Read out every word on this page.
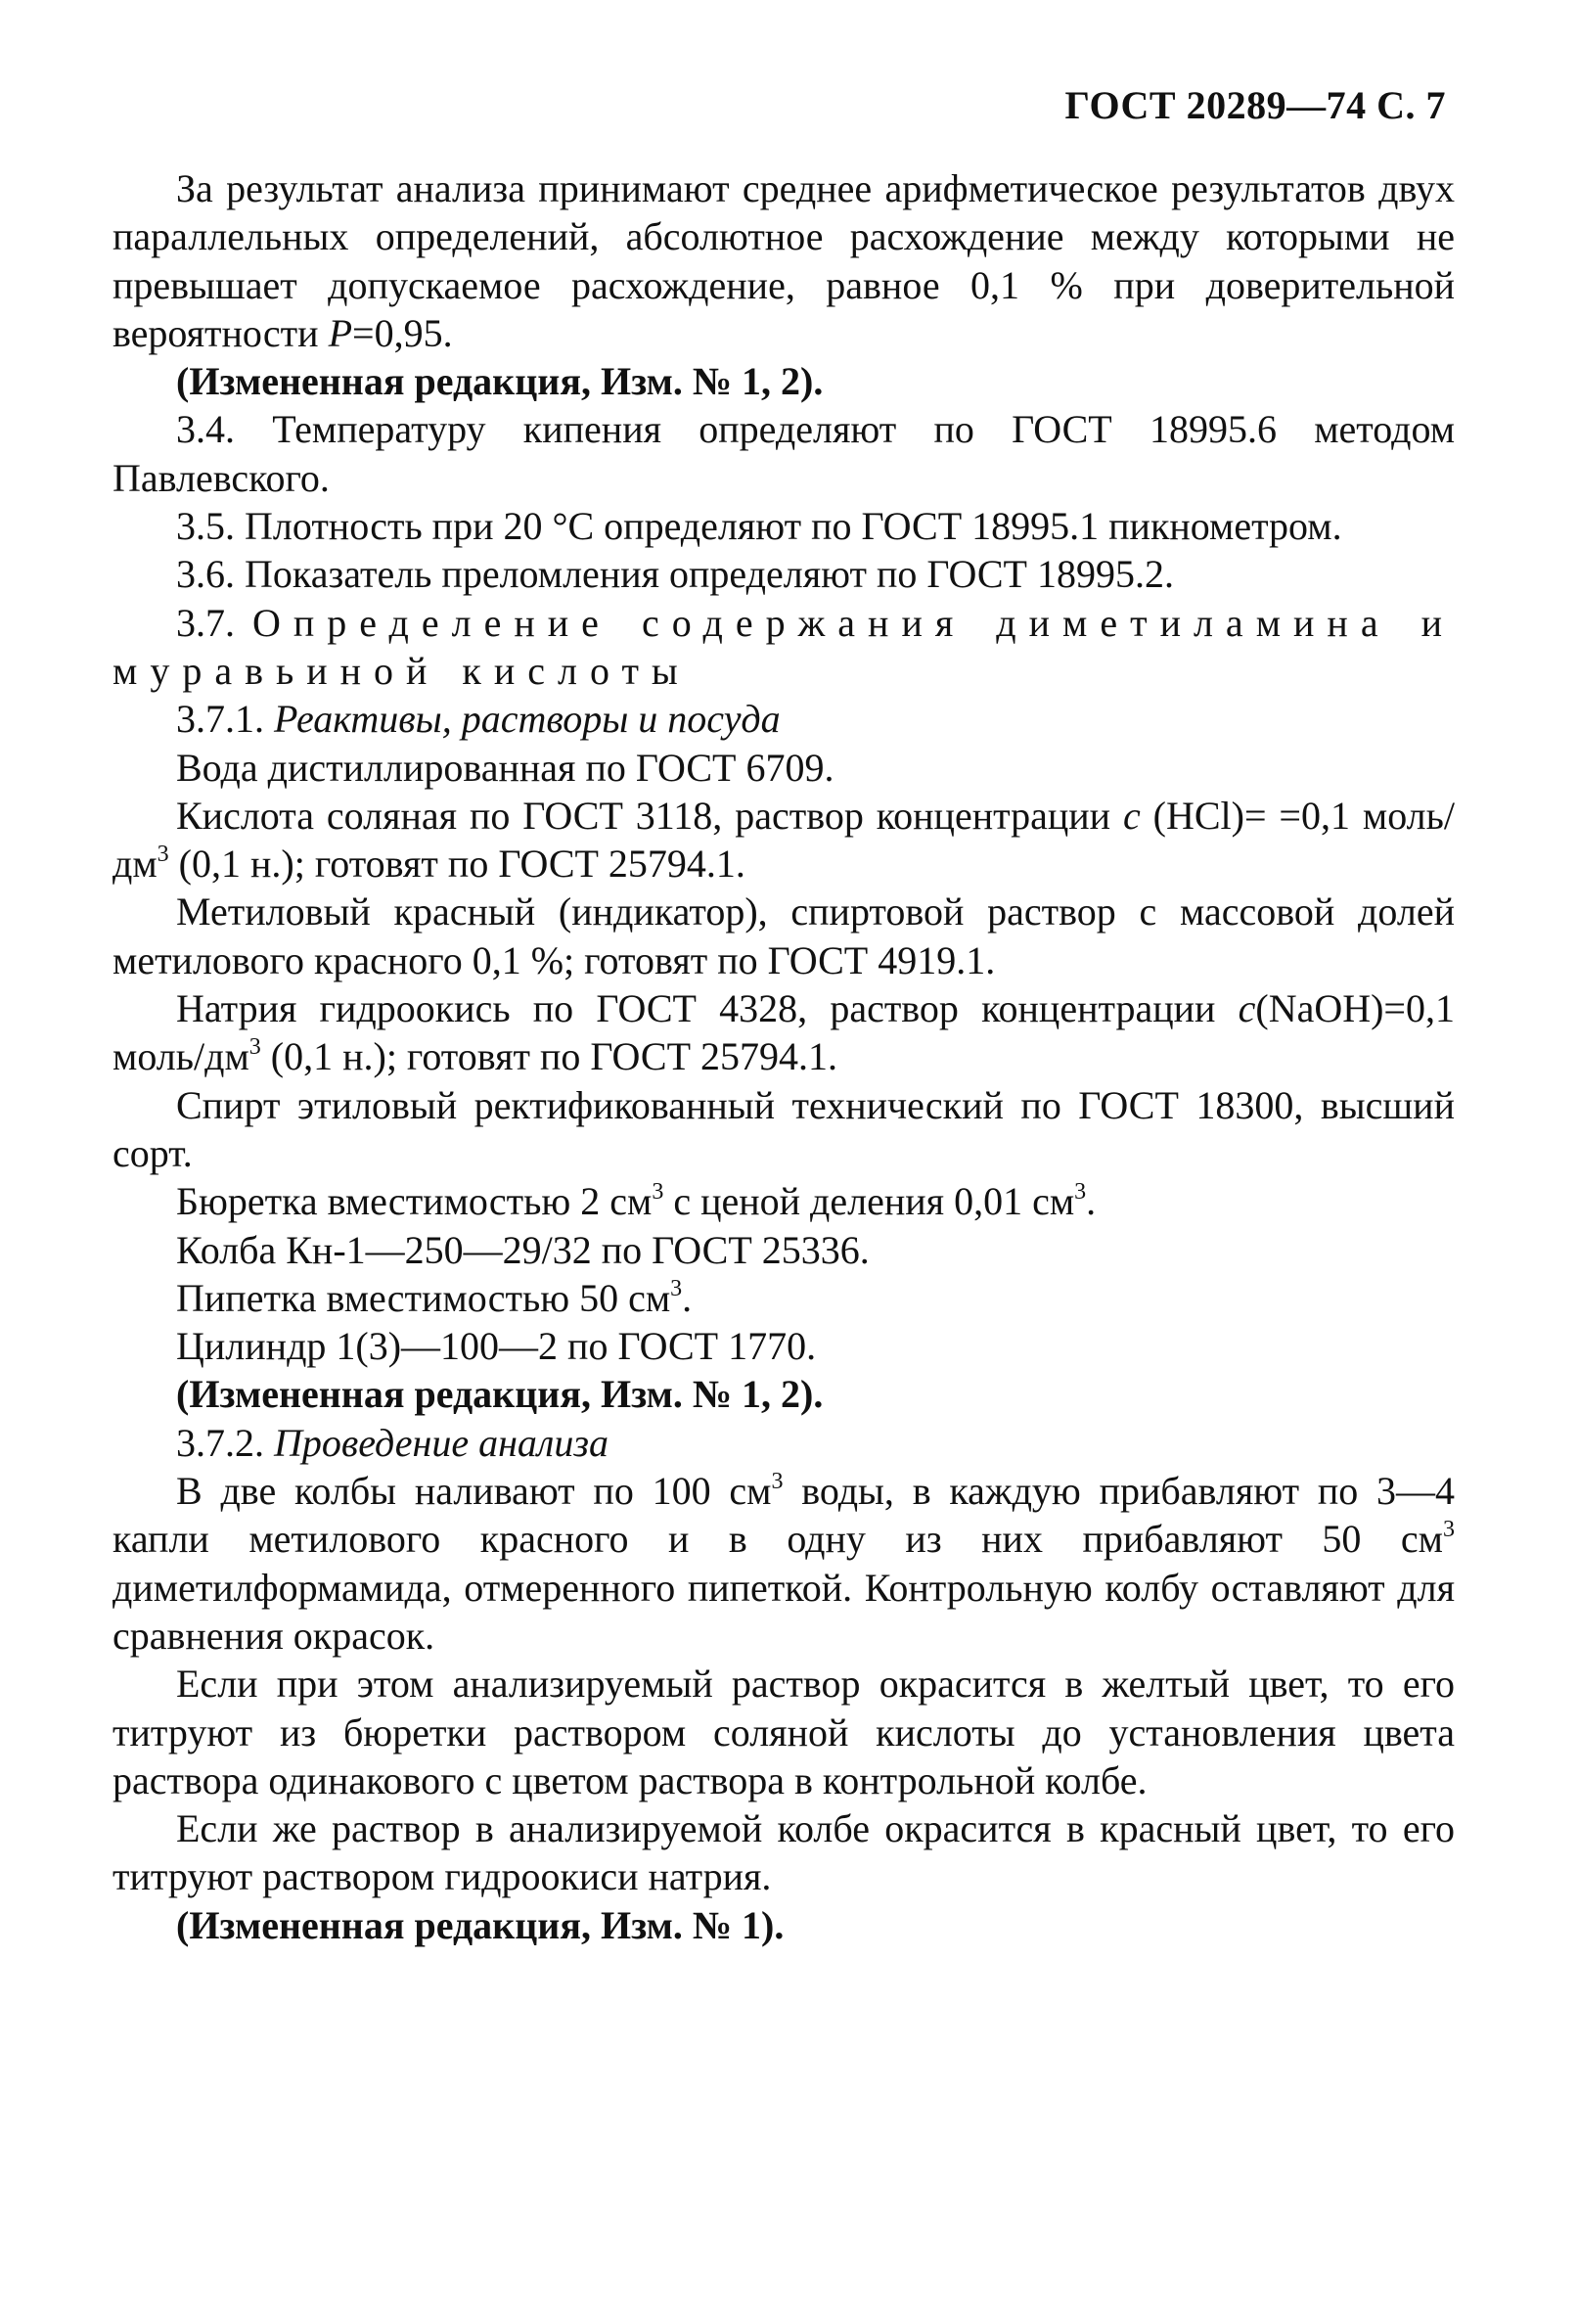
ГОСТ 20289—74 С. 7

За результат анализа принимают среднее арифметическое результатов двух параллельных определений, абсолютное расхождение между которыми не превышает допускаемое расхождение, равное 0,1 % при доверительной вероятности P=0,95.

(Измененная редакция, Изм. № 1, 2).

3.4. Температуру кипения определяют по ГОСТ 18995.6 методом Павлевского.

3.5. Плотность при 20 °С определяют по ГОСТ 18995.1 пикнометром.

3.6. Показатель преломления определяют по ГОСТ 18995.2.

3.7. Определение содержания диметиламина и муравьиной кислоты

3.7.1. Реактивы, растворы и посуда

Вода дистиллированная по ГОСТ 6709.

Кислота соляная по ГОСТ 3118, раствор концентрации c (HCl)= =0,1 моль/$дм^3$ (0,1 н.); готовят по ГОСТ 25794.1.

Метиловый красный (индикатор), спиртовой раствор с массовой долей метилового красного 0,1 %; готовят по ГОСТ 4919.1.

Натрия гидроокись по ГОСТ 4328, раствор концентрации c(NaOH)=0,1 моль/$дм^3$ (0,1 н.); готовят по ГОСТ 25794.1.

Спирт этиловый ректификованный технический по ГОСТ 18300, высший сорт.

Бюретка вместимостью 2 $см^3$ с ценой деления 0,01 $см^3$.

Колба Кн-1—250—29/32 по ГОСТ 25336.

Пипетка вместимостью 50 $см^3$.

Цилиндр 1(3)—100—2 по ГОСТ 1770.

(Измененная редакция, Изм. № 1, 2).

3.7.2. Проведение анализа

В две колбы наливают по 100 $см^3$ воды, в каждую прибавляют по 3—4 капли метилового красного и в одну из них прибавляют 50 $см^3$ диметилформамида, отмеренного пипеткой. Контрольную колбу оставляют для сравнения окрасок.

Если при этом анализируемый раствор окрасится в желтый цвет, то его титруют из бюретки раствором соляной кислоты до установления цвета раствора одинакового с цветом раствора в контрольной колбе.

Если же раствор в анализируемой колбе окрасится в красный цвет, то его титруют раствором гидроокиси натрия.

(Измененная редакция, Изм. № 1).
